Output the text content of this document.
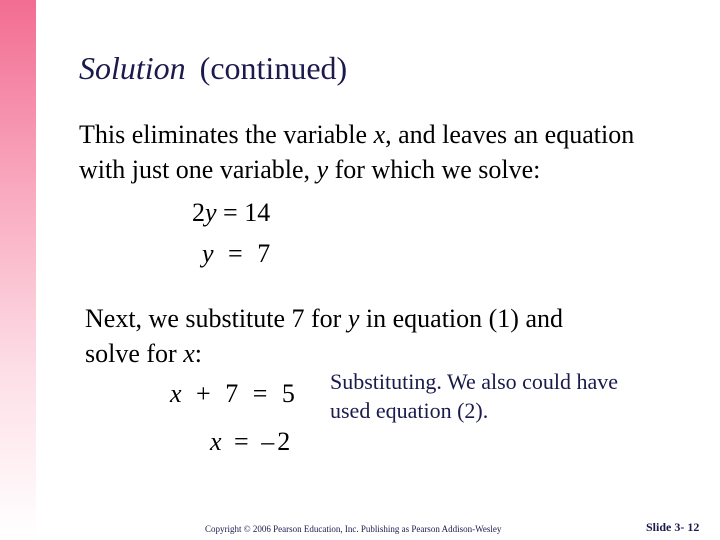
Solution (continued)
This eliminates the variable x, and leaves an equation
with just one variable, y for which we solve:
2y = 14
y = 7
Next, we substitute 7 for y in equation (1) and
solve for x:
x + 7 = 5 Substituting. We also could have
used equation (2).
x = –2
Copyright © 2006 Pearson Education, Inc. Publishing as Pearson Addison-Wesley	Slide 3- 12
